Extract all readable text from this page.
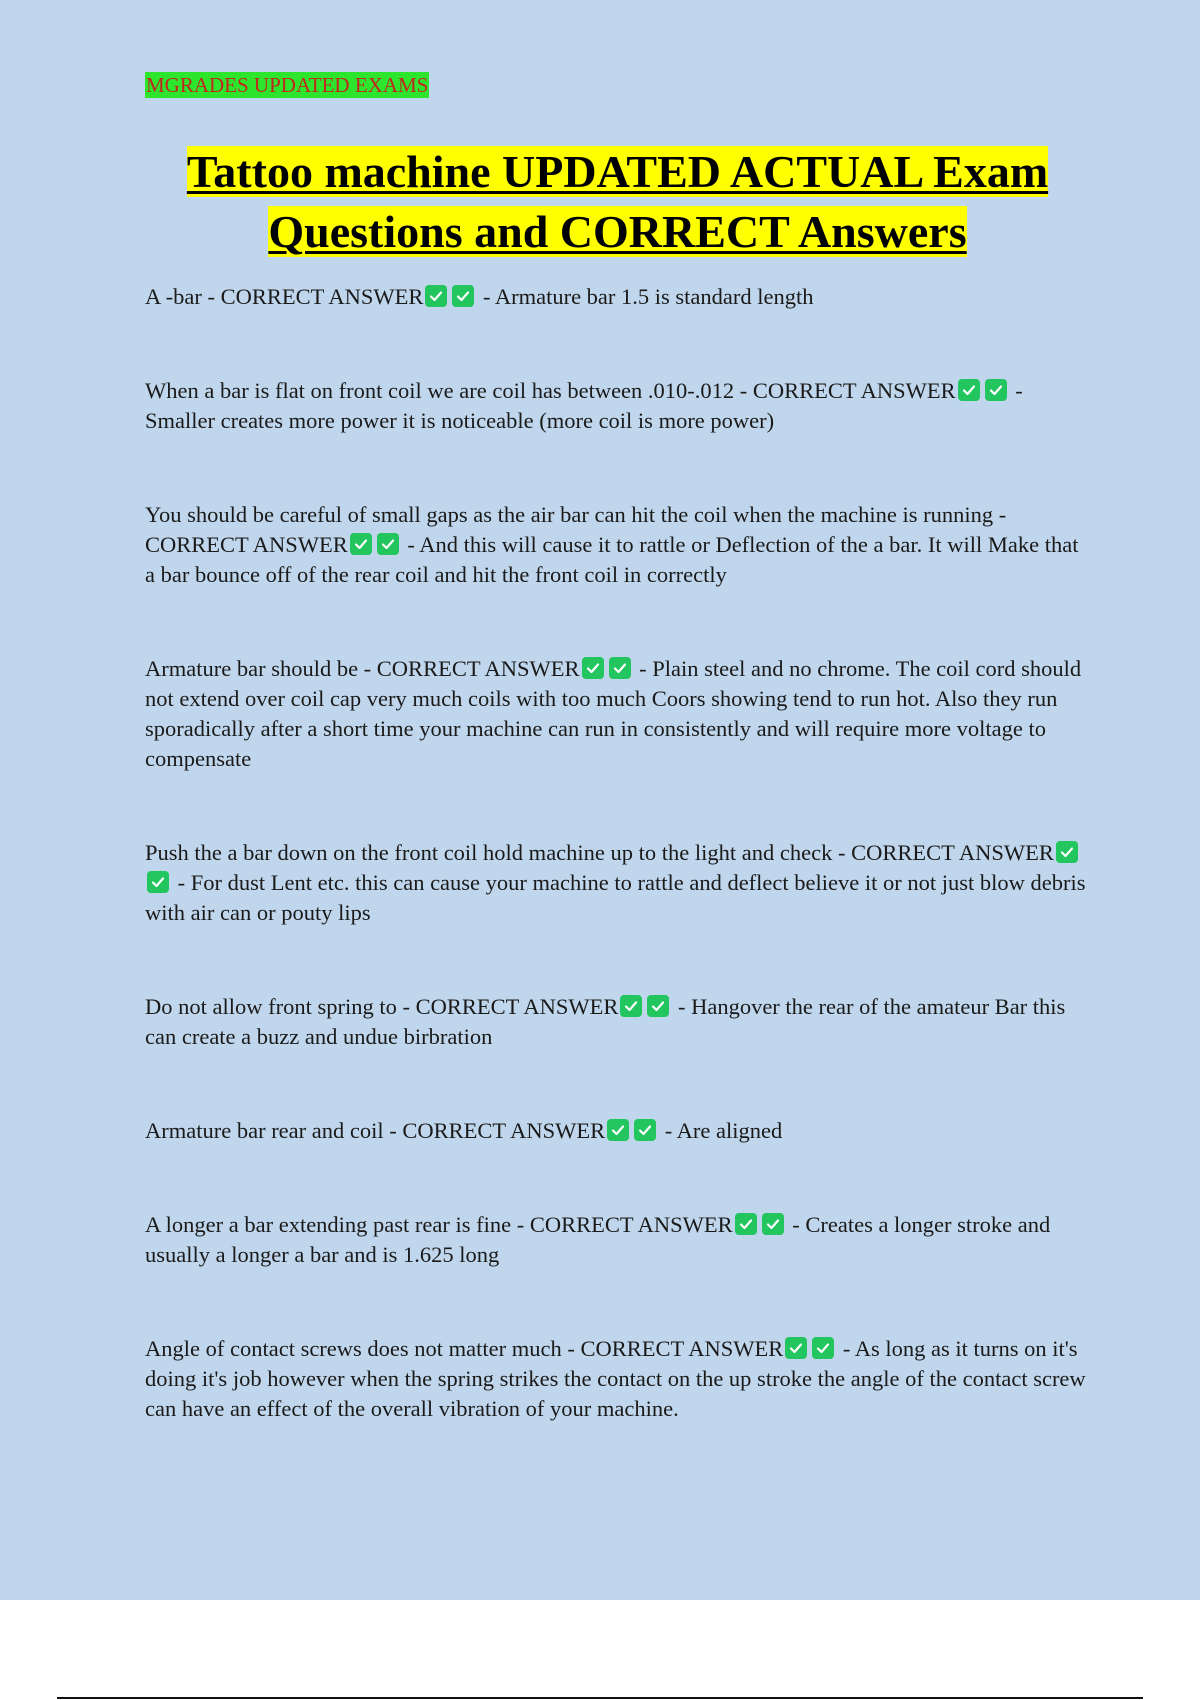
MGRADES UPDATED EXAMS
Tattoo machine UPDATED ACTUAL Exam Questions and CORRECT Answers

A -bar - CORRECT ANSWER
- Armature bar 1.5 is standard length

When a bar is flat on front coil we are coil has between .010-.012 - CORRECT ANSWER
- Smaller creates more power it is noticeable (more coil is more power)

You should be careful of small gaps as the air bar can hit the coil when the machine is running - CORRECT ANSWER
- And this will cause it to rattle or Deflection of the a bar. It will Make that a bar bounce off of the rear coil and hit the front coil in correctly

Armature bar should be - CORRECT ANSWER
- Plain steel and no chrome. The coil cord should not extend over coil cap very much coils with too much Coors showing tend to run hot. Also they run sporadically after a short time your machine can run in consistently and will require more voltage to compensate

Push the a bar down on the front coil hold machine up to the light and check - CORRECT ANSWER
- For dust Lent etc. this can cause your machine to rattle and deflect believe it or not just blow debris with air can or pouty lips

Do not allow front spring to - CORRECT ANSWER
- Hangover the rear of the amateur Bar this can create a buzz and undue birbration

Armature bar rear and coil - CORRECT ANSWER
- Are aligned

A longer a bar extending past rear is fine - CORRECT ANSWER
- Creates a longer stroke and usually a longer a bar and is 1.625 long

Angle of contact screws does not matter much - CORRECT ANSWER
- As long as it turns on it's doing it's job however when the spring strikes the contact on the up stroke the angle of the contact screw can have an effect of the overall vibration of your machine.
